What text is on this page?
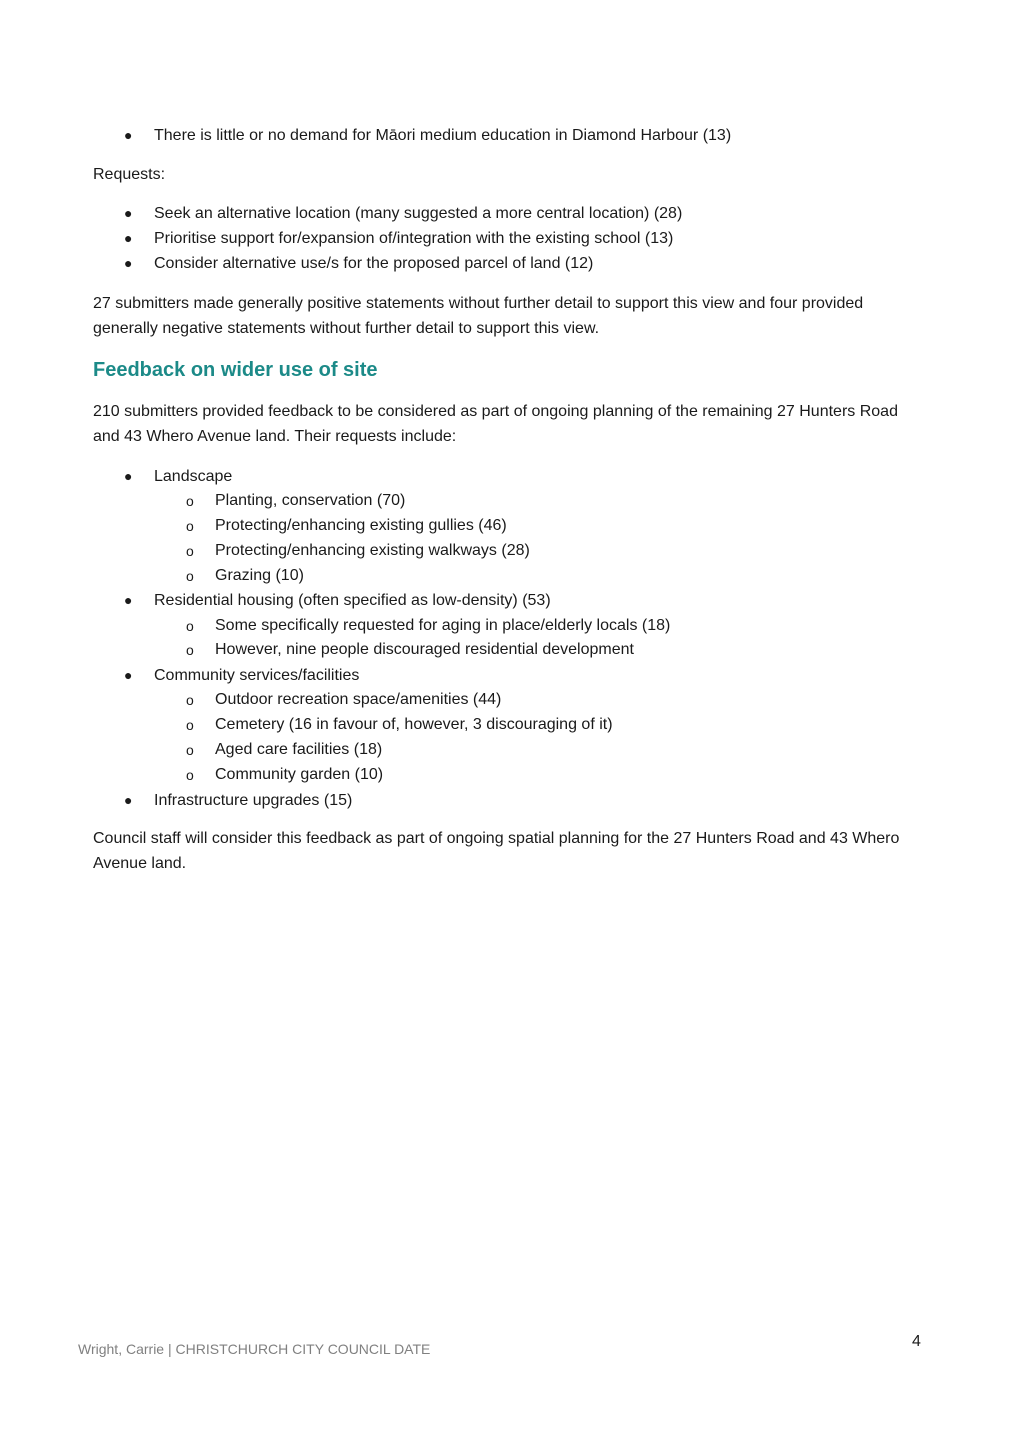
● There is little or no demand for Māori medium education in Diamond Harbour (13)

Requests:

● Seek an alternative location (many suggested a more central location) (28)
● Prioritise support for/expansion of/integration with the existing school (13)
● Consider alternative use/s for the proposed parcel of land (12)

27 submitters made generally positive statements without further detail to support this view and four provided generally negative statements without further detail to support this view.

Feedback on wider use of site

210 submitters provided feedback to be considered as part of ongoing planning of the remaining 27 Hunters Road and 43 Whero Avenue land. Their requests include:

● Landscape
o Planting, conservation (70)
o Protecting/enhancing existing gullies (46)
o Protecting/enhancing existing walkways (28)
o Grazing (10)
● Residential housing (often specified as low-density) (53)
o Some specifically requested for aging in place/elderly locals (18)
o However, nine people discouraged residential development
● Community services/facilities
o Outdoor recreation space/amenities (44)
o Cemetery (16 in favour of, however, 3 discouraging of it)
o Aged care facilities (18)
o Community garden (10)
● Infrastructure upgrades (15)

Council staff will consider this feedback as part of ongoing spatial planning for the 27 Hunters Road and 43 Whero Avenue land.

Wright, Carrie | CHRISTCHURCH CITY COUNCIL DATE	4
